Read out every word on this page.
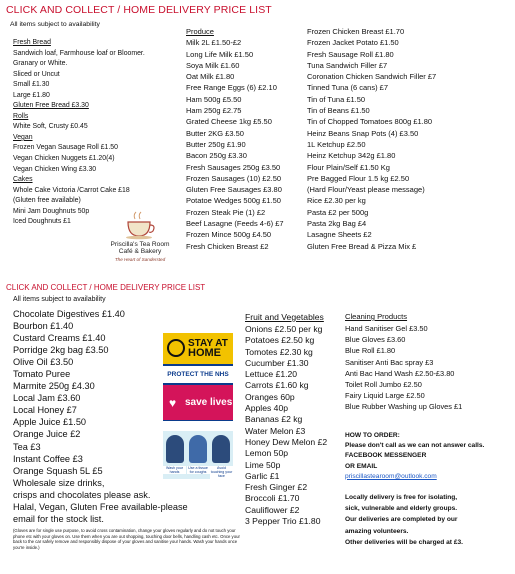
CLICK AND COLLECT / HOME DELIVERY PRICE LIST
All items subject to availability
Fresh Bread
Sandwich loaf, Farmhouse loaf or Bloomer.
Granary or White.
Sliced or Uncut
Small £1.30
Large £1.80
Gluten Free Bread £3.30
Rolls
White Soft, Crusty £0.45
Vegan
Frozen Vegan Sausage Roll £1.50
Vegan Chicken Nuggets £1.20(4)
Vegan Chicken Wing £3.30
Cakes
Whole Cake Victoria /Carrot Cake £18
(Gluten free available)
Mini Jam Doughnuts 50p
Iced Doughnuts £1
Produce
Milk 2L £1.50-£2
Long Life Milk £1.50
Soya Milk £1.60
Oat Milk £1.80
Free Range Eggs (6) £2.10
Ham 500g £5.50
Ham 250g £2.75
Grated Cheese 1kg £5.50
Butter 2KG £3.50
Butter 250g £1.90
Bacon 250g £3.30
Fresh Sausages 250g £3.50
Frozen Sausages (10) £2.50
Gluten Free Sausages £3.80
Potatoe Wedges 500g £1.50
Frozen Steak Pie (1) £2
Beef Lasagne (Feeds 4-6) £7
Frozen Mince 500g £4.50
Fresh Chicken Breast £2
Frozen Chicken Breast £1.70
Frozen Jacket Potato £1.50
Fresh Sausage Roll £1.80
Tuna Sandwich Filler £7
Coronation Chicken Sandwich Filler £7
Tinned Tuna (6 cans) £7
Tin of Tuna £1.50
Tin of Beans £1.50
Tin of Chopped Tomatoes 800g £1.80
Heinz Beans Snap Pots (4) £3.50
1L Ketchup £2.50
Heinz Ketchup 342g £1.80
Flour Plain/Self £1.50 Kg
Pre Bagged Flour 1.5 kg £2.50
(Hard Flour/Yeast please message)
Rice £2.30 per kg
Pasta £2 per 500g
Pasta 2kg Bag £4
Lasagne Sheets £2
Gluten Free Bread & Pizza Mix £
Priscilla's Tea Room
Café & Bakery
The Heart of Sandersted
CLICK AND COLLECT / HOME DELIVERY PRICE LIST
All items subject to availability
Chocolate Digestives £1.40
Bourbon £1.40
Custard Creams £1.40
Porridge 2kg bag £3.50
Olive Oil £3.50
Tomato Puree
Marmite 250g £4.30
Local Jam £3.60
Local Honey £7
Apple Juice £1.50
Orange Juice £2
Tea £3
Instant Coffee £3
Orange Squash 5L £5
Wholesale size drinks,
crisps and chocolates please ask.
Halal, Vegan, Gluten Free available-please
email for the stock list.
(Gloves are for single use purpose, to avoid cross contamination, change your gloves regularly and do not touch your phone etc with your gloves on. Use them when you are out shopping, touching door bells, handling cash etc. Once your back to the car safely remove and responsibly dispose of your gloves and sanitise your hands. Wash your hands once you're inside.)
STAY AT
HOME
PROTECT THE NHS
♥ save lives
Wash your hands
Use a tissue for coughs
Avoid touching your face
Fruit and Vegetables
Onions £2.50 per kg
Potatoes £2.50 kg
Tomotes £2.30 kg
Cucumber £1.30
Lettuce £1.20
Carrots £1.60 kg
Oranges 60p
Apples 40p
Bananas £2 kg
Water Melon £3
Honey Dew Melon £2
Lemon 50p
Lime 50p
Garlic £1
Fresh Ginger £2
Broccoli £1.70
Cauliflower £2
3 Pepper Trio £1.80
Cleaning Products
Hand Sanitiser Gel £3.50
Blue Gloves £3.60
Blue Roll £1.80
Sanitiser Anti Bac spray £3
Anti Bac Hand Wash £2.50-£3.80
Toilet Roll Jumbo £2.50
Fairy Liquid Large £2.50
Blue Rubber Washing up Gloves £1
HOW TO ORDER:
Please don't call as we can not answer calls.
FACEBOOK MESSENGER
OR EMAIL
priscillastearoom@outlook.com
Locally delivery is free for isolating,
sick, vulnerable and elderly groups.
Our deliveries are completed by our
amazing volunteers.
Other deliveries will be charged at £3.
